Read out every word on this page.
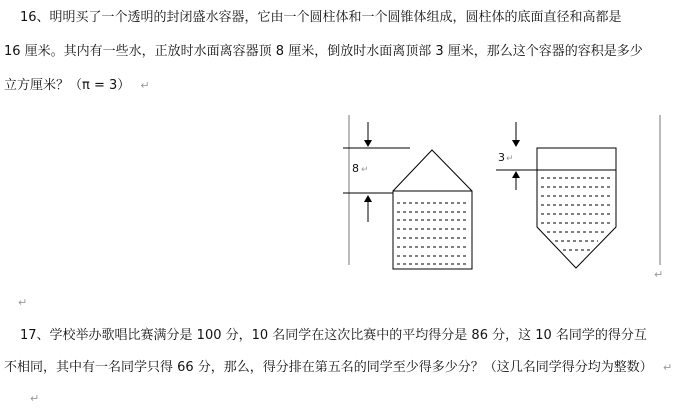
16、明明买了一个透明的封闭盛水容器，它由一个圆柱体和一个圆锥体组成，圆柱体的底面直径和高都是
16 厘米。其内有一些水，正放时水面离容器顶 8 厘米，倒放时水面离顶部 3 厘米，那么这个容器的容积是多少
立方厘米？（π = 3） ↵
8 ↵
3 ↵
↵
↵
17、学校举办歌唱比赛满分是 100 分，10 名同学在这次比赛中的平均得分是 86 分，这 10 名同学的得分互
不相同，其中有一名同学只得 66 分，那么，得分排在第五名的同学至少得多少分？（这几名同学得分均为整数） ↵
↵
